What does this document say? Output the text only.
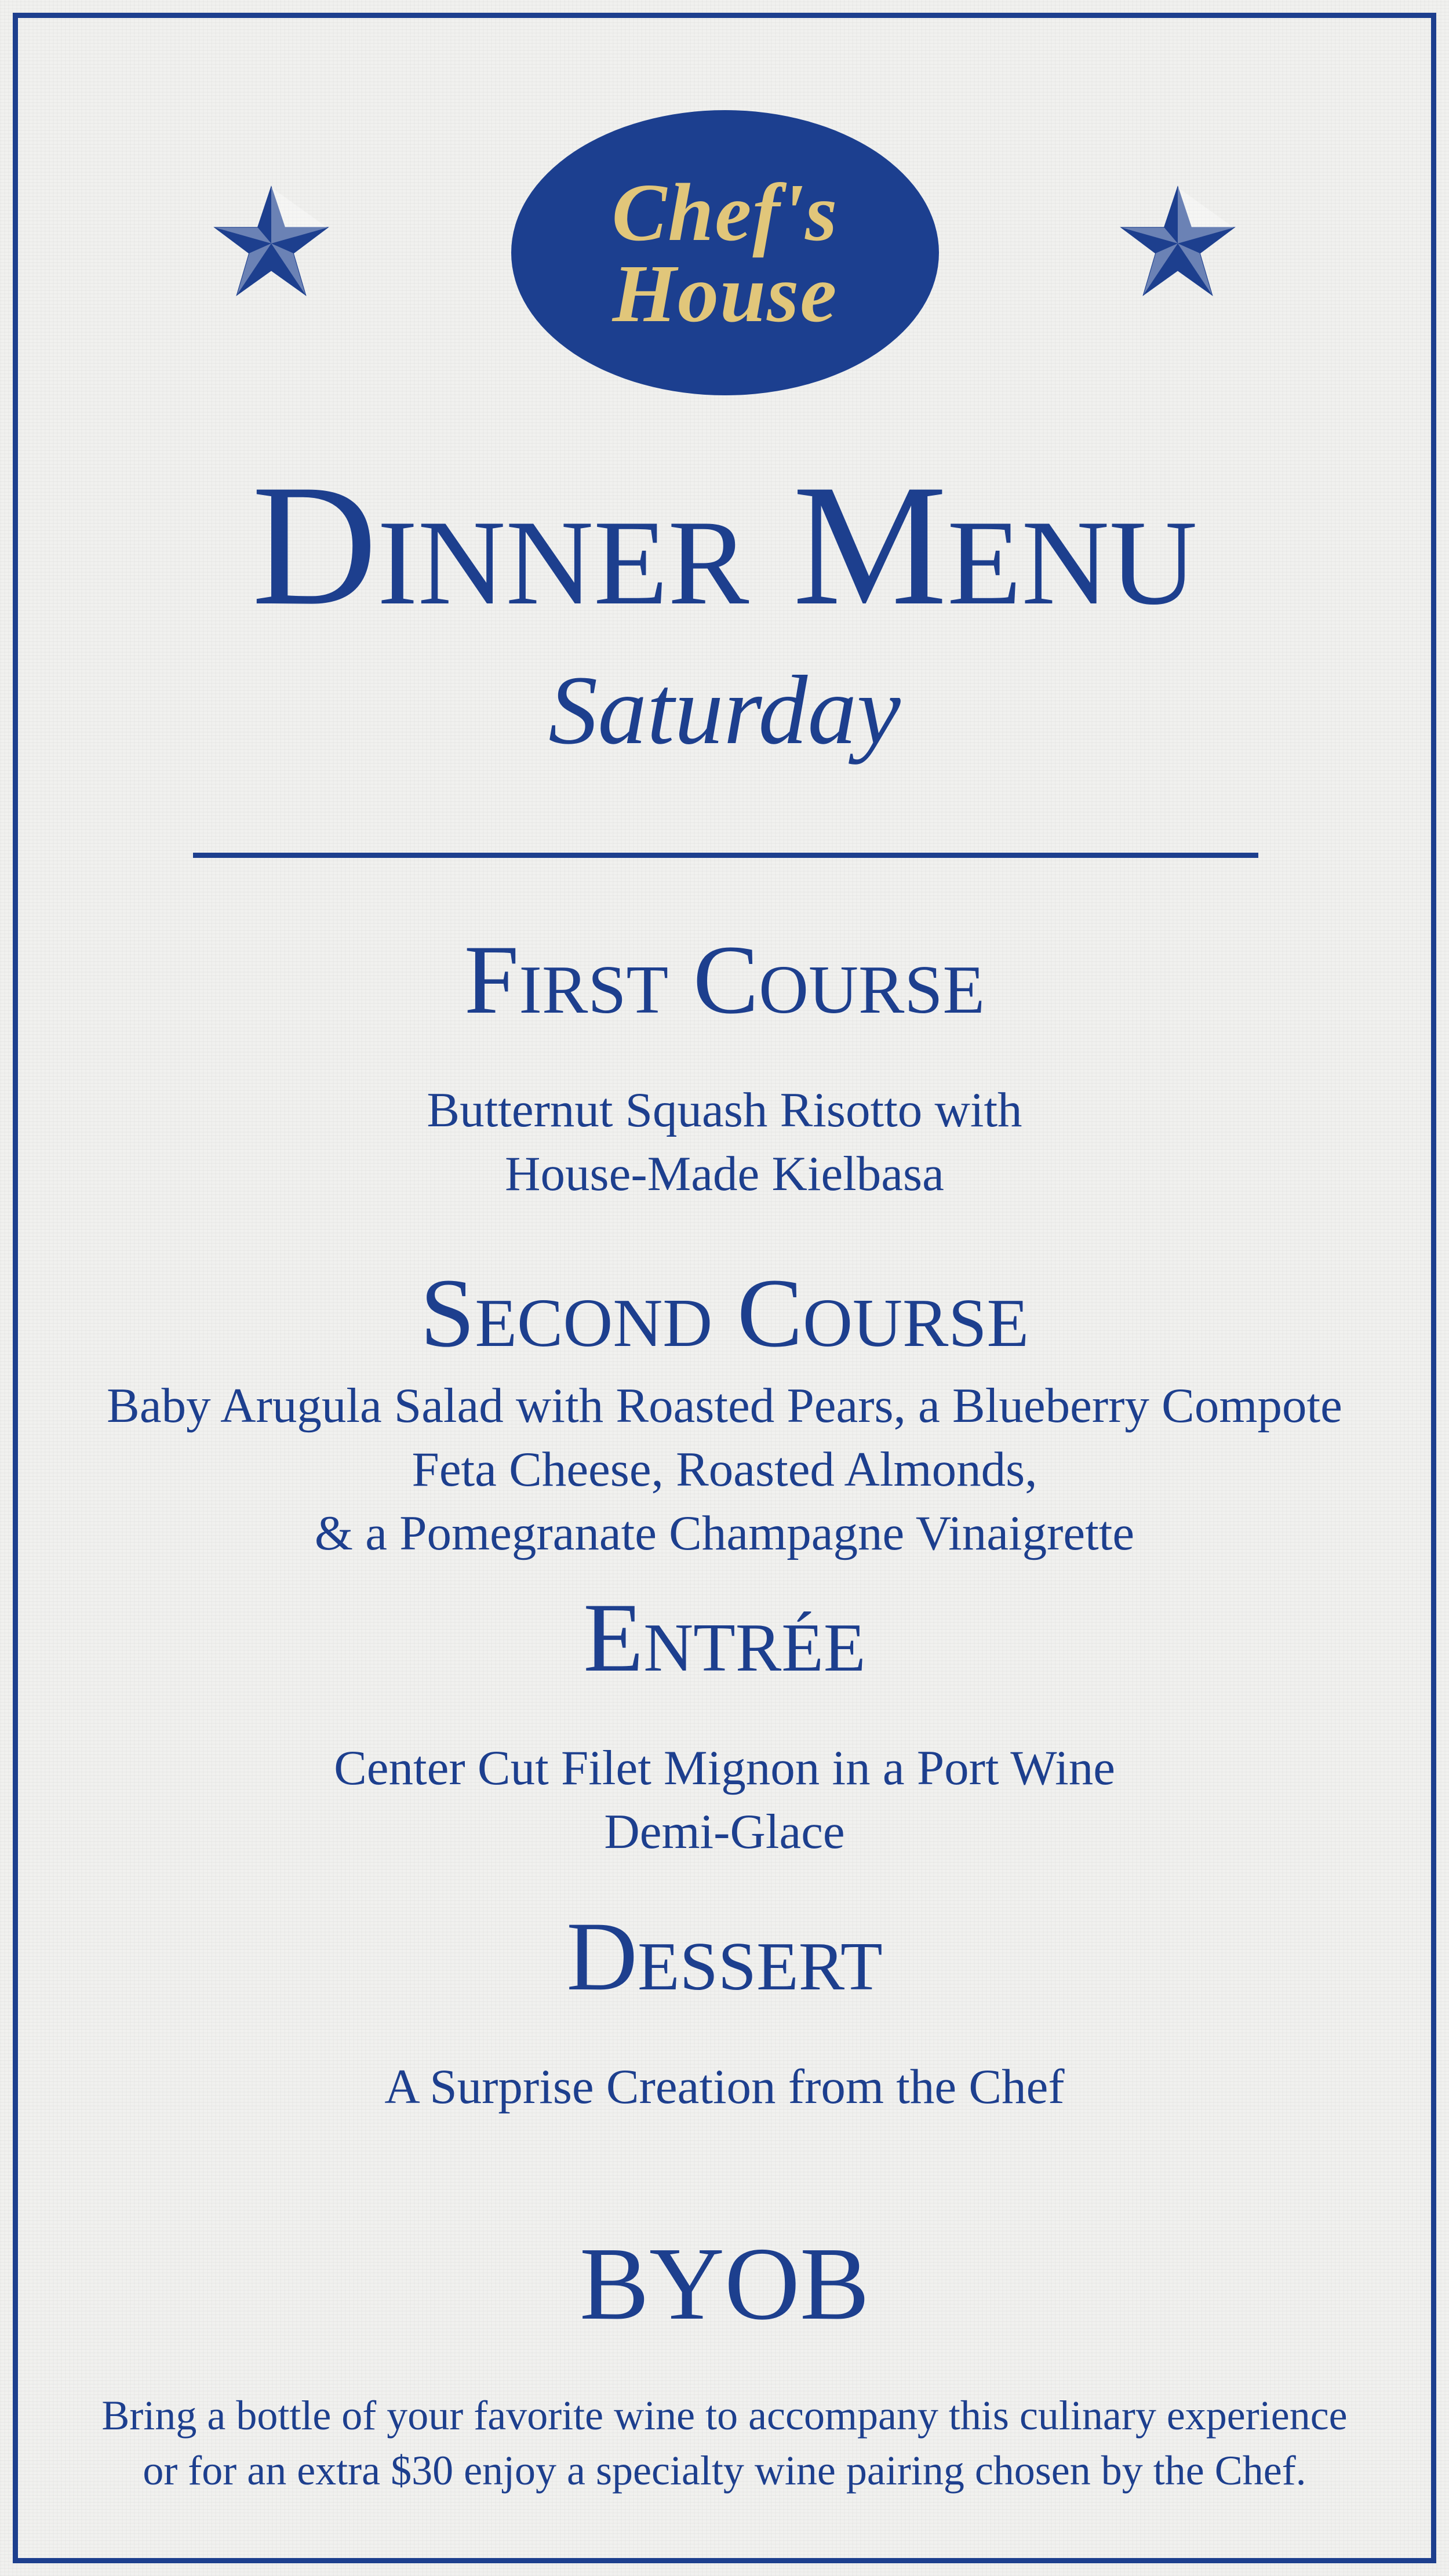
Chef's
House
Dinner Menu
Saturday
First Course
Butternut Squash Risotto with
House-Made Kielbasa
Second Course
Baby Arugula Salad with Roasted Pears, a Blueberry Compote
Feta Cheese, Roasted Almonds,
& a Pomegranate Champagne Vinaigrette
Entrée
Center Cut Filet Mignon in a Port Wine
Demi-Glace
Dessert
A Surprise Creation from the Chef
BYOB
Bring a bottle of your favorite wine to accompany this culinary experience
or for an extra $30 enjoy a specialty wine pairing chosen by the Chef.
